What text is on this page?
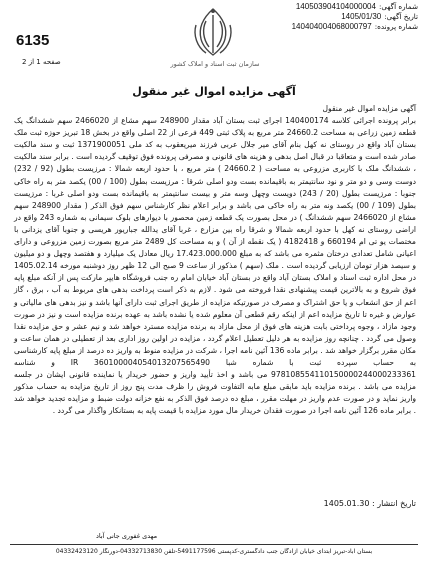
6135
صفحه 1 از 2	سازمان ثبت اسناد و املاک کشور
شماره آگهی:
140503904104000004
تاریخ آگهی:
1405/01/30
شماره پرونده:
140404004068000797
آگهی مزایده اموال غیر منقول

آگهی مزایده اموال غیر منقول

برابر پرونده اجرائی کلاسه 140400174 اجرای ثبت بستان آباد مقدار 248900 سهم مشاع از 2466020 سهم ششدانگ یک قطعه زمین زراعی به مساحت 24660.2 متر مربع به پلاک ثبتی 449 فرعی از 22 اصلی واقع در بخش 18 تبریز حوزه ثبت ملک بستان آباد واقع در روستای نه کهل بنام آقای میر جلال عربی فرزند میریعقوب به کد ملی 1371900051 ثبت و سند مالکیت صادر شده است و متعاقبا در قبال اصل بدهی و هزینه های قانونی و مصرفی پرونده فوق توقیف گردیده است . برابر سند مالکیت ، ششدانگ ملک با کاربری مزروعی به مساحت ( 24660.2 ) متر مربع ، با حدود اربعه شمالا : مرزیست بطول (92 / 232) دوست وسی و دو متر و نود سانتیمتر به باقیمانده بست ودو اصلی شرقا : مرزیست بطول (100 / 00) یکصد متر به راه خاکی جنوبا : مرزیست بطول (20 / 243) دویست وچهل وسه متر و بیست سانتیمتر به باقیمانده بست ودو اصلی غربا : مرزیست بطول (109 / 00) یکصد ونه متر به راه خاکی می باشد و برابر اعلام نظر کارشناس سهم فوق الذکر ( مقدار 248900 سهم مشاع از 2466020 سهم ششدانگ ) در محل بصورت یک قطعه زمین محصور با دیوارهای بلوک سیمانی به شماره 243 واقع در اراضی روستای نه کهل با حدود اربعه شمالا و شرقا راه بین مزارع ، غربا آقای یدالله جباریور هریسی و جنوبا آقای یزدانی با مختصات یو تی ام 660194 و 4182418 ( یک نقطه از آن ) و به مساحت کل 2489 متر مربع بصورت زمین مزروعی و دارای اعیانی شامل تعدادی درختان مثمره می باشد که به مبلغ 17.423.000.000 ریال معادل یک میلیارد و هفتصد وچهل و دو میلیون و سیصد هزار تومان ارزیابی گردیده است . ملک (سهم ) مذکور از ساعت 9 صبح الی 12 ظهر روز دوشنبه مورخه 1405.02.14 در محل اداره ثبت اسناد و املاک بستان آباد واقع در بستان آباد خیابان امام ره جنب فروشگاه هایپر مارکت پس از آنکه مبلغ پایه فوق شروع و به بالاترین قیمت پیشنهادی نقدا فروخته می شود . لازم به ذکر است پرداخت بدهی های مربوط به آب ، برق ، گاز اعم از حق انشعاب و یا حق اشتراک و مصرف در صورتیکه مزایده از طریق اجرای ثبت دارای آنها باشد و نیز بدهی های مالیاتی و عوارض و غیره تا تاریخ مزایده اعم از اینکه رقم قطعی آن معلوم شده یا نشده باشد به عهده برنده مزایده است و نیز در صورت وجود مازاد ، وجوه پرداختی بابت هزینه های فوق از محل مازاد به برنده مزایده مسترد خواهد شد و نیم عشر و حق مزایده نقدا وصول می گردد . چنانچه روز مزایده به هر دلیل تعطیل اعلام گردد ، مزایده در اولین روز اداری بعد از تعطیلی در همان ساعت و مکان مقرر برگزار خواهد شد . برابر ماده 136 آئین نامه اجرا ، شرکت در مزایده منوط به واریز ده درصد از مبلغ پایه کارشناسی به حساب سپرده ثبت با شماره شبا IR 360100004054013207565490 و شناسه 978108554110150000244000233361 می باشد و اخذ تأیید واریز و حضور خریدار یا نماینده قانونی ایشان در جلسه مزایده می باشد . برنده مزایده باید مابقی مبلغ مابه التفاوت فروش را ظرف مدت پنج روز از تاریخ مزایده به حساب مذکور واریز نماید و در صورت عدم واریز در مهلت مقرر ، مبلغ ده درصد فوق الذکر به نفع خزانه دولت ضبط و مزایده تجدید خواهد شد . برابر ماده 126 آئین نامه اجرا در صورت فقدان خریدار مال مورد مزایده با قیمت پایه به بستانکار واگذار می گردد .

تاریخ انتشار : 1405.01.30
مهدی غفوری جانی آباد
بستان آباد-تبریز ابتدای خیابان آزادگان جنب دادگستری-کدپستی 5491177596-تلفن 04332713830-دورنگار 04332423120
